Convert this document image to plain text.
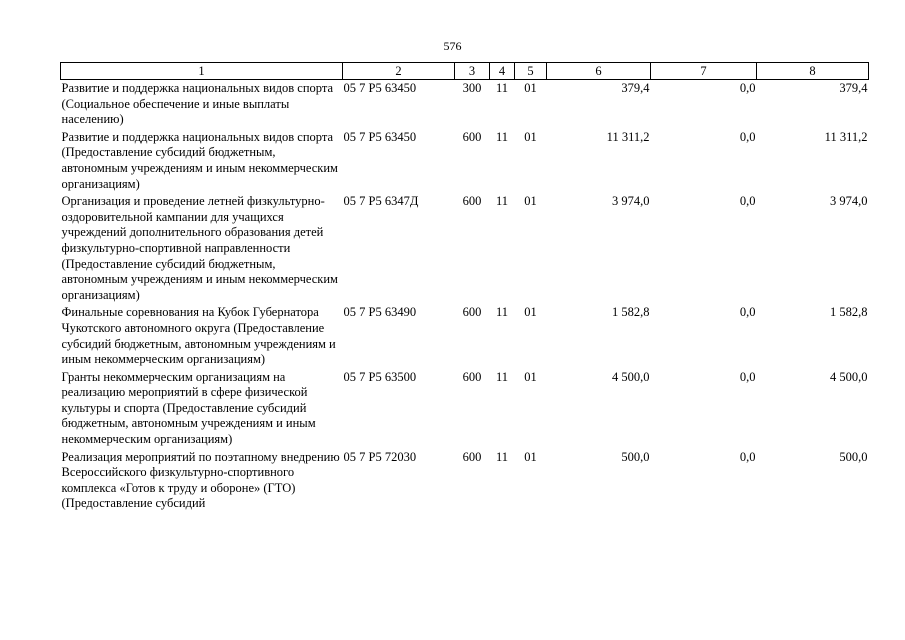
576
1	2	3	4	5	6	7	8
Развитие и поддержка национальных видов спорта (Социальное обеспечение и иные выплаты населению)	05 7 Р5 63450	300	11	01	379,4	0,0	379,4
Развитие и поддержка национальных видов спорта (Предоставление субсидий бюджетным, автономным учреждениям и иным некоммерческим организациям)	05 7 Р5 63450	600	11	01	11 311,2	0,0	11 311,2
Организация и проведение летней физкультурно-оздоровительной кампании для учащихся учреждений дополнительного образования детей физкультурно-спортивной направленности (Предоставление субсидий бюджетным, автономным учреждениям и иным некоммерческим организациям)	05 7 Р5 6347Д	600	11	01	3 974,0	0,0	3 974,0
Финальные соревнования на Кубок Губернатора Чукотского автономного округа (Предоставление субсидий бюджетным, автономным учреждениям и иным некоммерческим организациям)	05 7 Р5 63490	600	11	01	1 582,8	0,0	1 582,8
Гранты некоммерческим организациям на реализацию мероприятий в сфере физической культуры и спорта (Предоставление субсидий бюджетным, автономным учреждениям и иным некоммерческим организациям)	05 7 Р5 63500	600	11	01	4 500,0	0,0	4 500,0
Реализация мероприятий по поэтапному внедрению Всероссийского физкультурно-спортивного комплекса «Готов к труду и обороне» (ГТО) (Предоставление субсидий	05 7 Р5 72030	600	11	01	500,0	0,0	500,0
